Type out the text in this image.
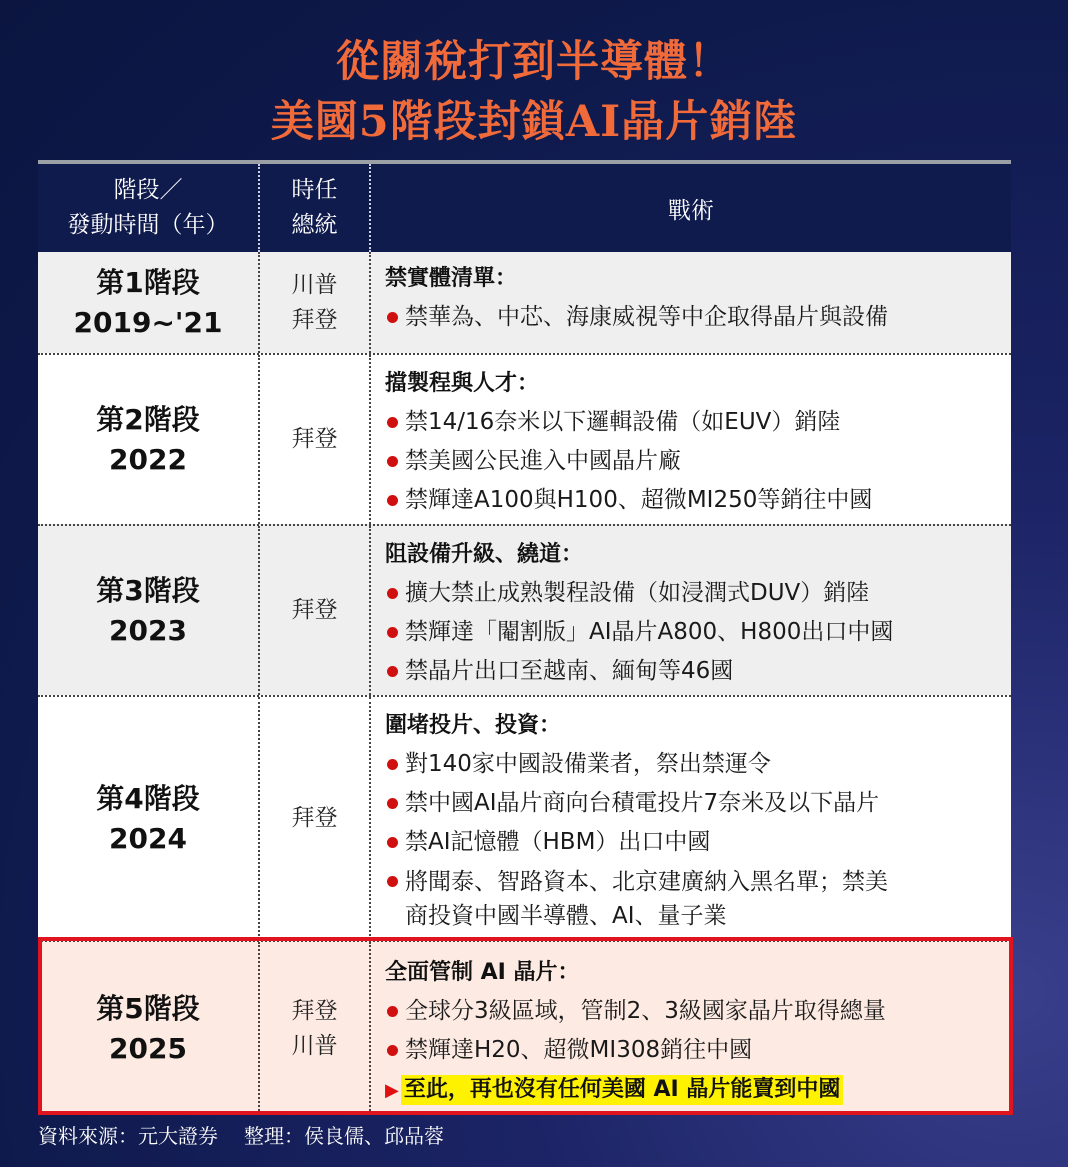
從關稅打到半導體！
美國5階段封鎖AI晶片銷陸
階段／
發動時間（年）
時任
總統
戰術
第1階段
2019~'21
川普
拜登
禁實體清單：
禁華為、中芯、海康威視等中企取得晶片與設備
第2階段
2022
拜登
擋製程與人才：
禁14/16奈米以下邏輯設備（如EUV）銷陸
禁美國公民進入中國晶片廠
禁輝達A100與H100、超微MI250等銷往中國
第3階段
2023
拜登
阻設備升級、繞道：
擴大禁止成熟製程設備（如浸潤式DUV）銷陸
禁輝達「閹割版」AI晶片A800、H800出口中國
禁晶片出口至越南、緬甸等46國
第4階段
2024
拜登
圍堵投片、投資：
對140家中國設備業者，祭出禁運令
禁中國AI晶片商向台積電投片7奈米及以下晶片
禁AI記憶體（HBM）出口中國
將聞泰、智路資本、北京建廣納入黑名單；禁美
商投資中國半導體、AI、量子業
第5階段
2025
拜登
川普
全面管制 AI 晶片：
全球分3級區域，管制2、3級國家晶片取得總量
禁輝達H20、超微MI308銷往中國
▶ 至此，再也沒有任何美國 AI 晶片能賣到中國
資料來源：元大證券 整理：侯良儒、邱品蓉
